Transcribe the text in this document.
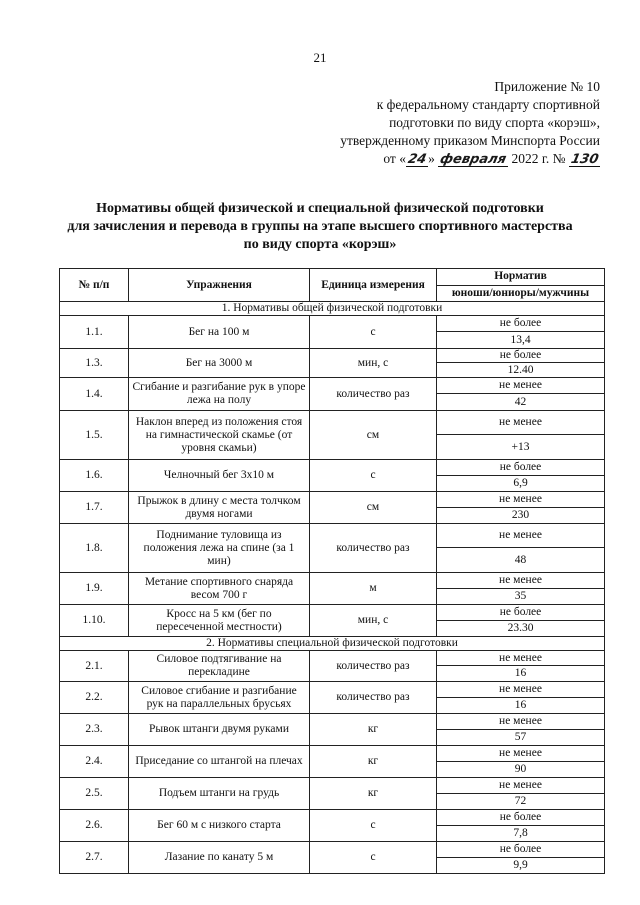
21
Приложение № 10
к федеральному стандарту спортивной
подготовки по виду спорта «корэш»,
утвержденному приказом Минспорта России
от «24» февраля 2022 г. № 130
Нормативы общей физической и специальной физической подготовки
для зачисления и перевода в группы на этапе высшего спортивного мастерства
по виду спорта «корэш»
№ п/п	Упражнения	Единица измерения	Норматив
			юноши/юниоры/мужчины
1. Нормативы общей физической подготовки			
1.1.	Бег на 100 м	с	не более
			13,4
1.3.	Бег на 3000 м	мин, с	не более
			12.40
1.4.	Сгибание и разгибание рук в упоре лежа на полу	количество раз	не менее
			42
1.5.	Наклон вперед из положения стоя на гимнастической скамье (от уровня скамьи)	см	не менее
			+13
1.6.	Челночный бег 3x10 м	с	не более
			6,9
1.7.	Прыжок в длину с места толчком двумя ногами	см	не менее
			230
1.8.	Поднимание туловища из положения лежа на спине (за 1 мин)	количество раз	не менее
			48
1.9.	Метание спортивного снаряда весом 700 г	м	не менее
			35
1.10.	Кросс на 5 км (бег по пересеченной местности)	мин, с	не более
			23.30
2. Нормативы специальной физической подготовки			
2.1.	Силовое подтягивание на перекладине	количество раз	не менее
			16
2.2.	Силовое сгибание и разгибание рук на параллельных брусьях	количество раз	не менее
			16
2.3.	Рывок штанги двумя руками	кг	не менее
			57
2.4.	Приседание со штангой на плечах	кг	не менее
			90
2.5.	Подъем штанги на грудь	кг	не менее
			72
2.6.	Бег 60 м с низкого старта	с	не более
			7,8
2.7.	Лазание по канату 5 м	с	не более
			9,9
